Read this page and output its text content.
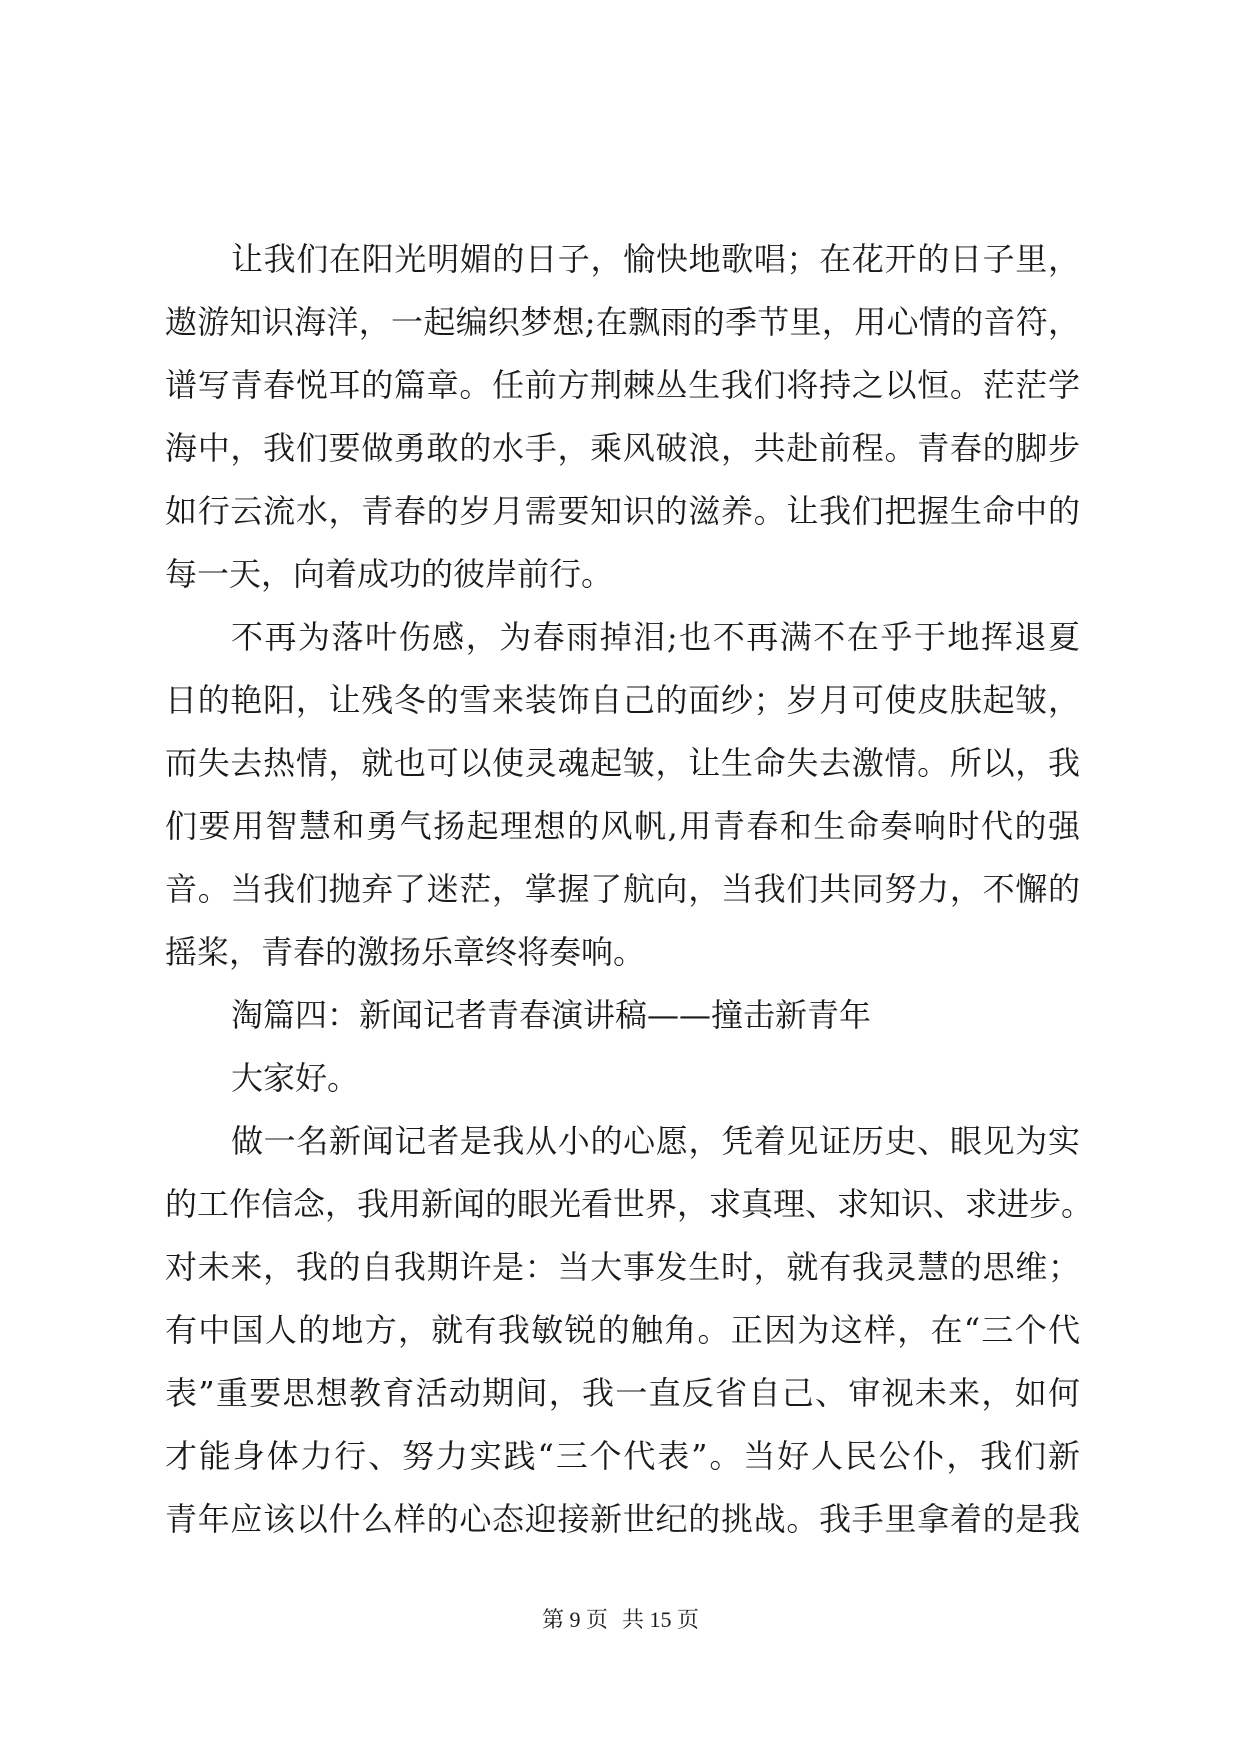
让我们在阳光明媚的日子，愉快地歌唱；在花开的日子里，
遨游知识海洋，一起编织梦想;在飘雨的季节里，用心情的音符，
谱写青春悦耳的篇章。任前方荆棘丛生我们将持之以恒。茫茫学
海中，我们要做勇敢的水手，乘风破浪，共赴前程。青春的脚步
如行云流水，青春的岁月需要知识的滋养。让我们把握生命中的
每一天，向着成功的彼岸前行。
不再为落叶伤感，为春雨掉泪;也不再满不在乎于地挥退夏
日的艳阳，让残冬的雪来装饰自己的面纱；岁月可使皮肤起皱，
而失去热情，就也可以使灵魂起皱，让生命失去激情。所以，我
们要用智慧和勇气扬起理想的风帆,用青春和生命奏响时代的强
音。当我们抛弃了迷茫，掌握了航向，当我们共同努力，不懈的
摇桨，青春的激扬乐章终将奏响。
淘篇四：新闻记者青春演讲稿——撞击新青年
大家好。
做一名新闻记者是我从小的心愿，凭着见证历史、眼见为实
的工作信念，我用新闻的眼光看世界，求真理、求知识、求进步。
对未来，我的自我期许是：当大事发生时，就有我灵慧的思维；
有中国人的地方，就有我敏锐的触角。正因为这样，在“三个代
表”重要思想教育活动期间，我一直反省自己、审视未来，如何
才能身体力行、努力实践“三个代表”。当好人民公仆，我们新
青年应该以什么样的心态迎接新世纪的挑战。我手里拿着的是我
第 9 页 共 15 页
